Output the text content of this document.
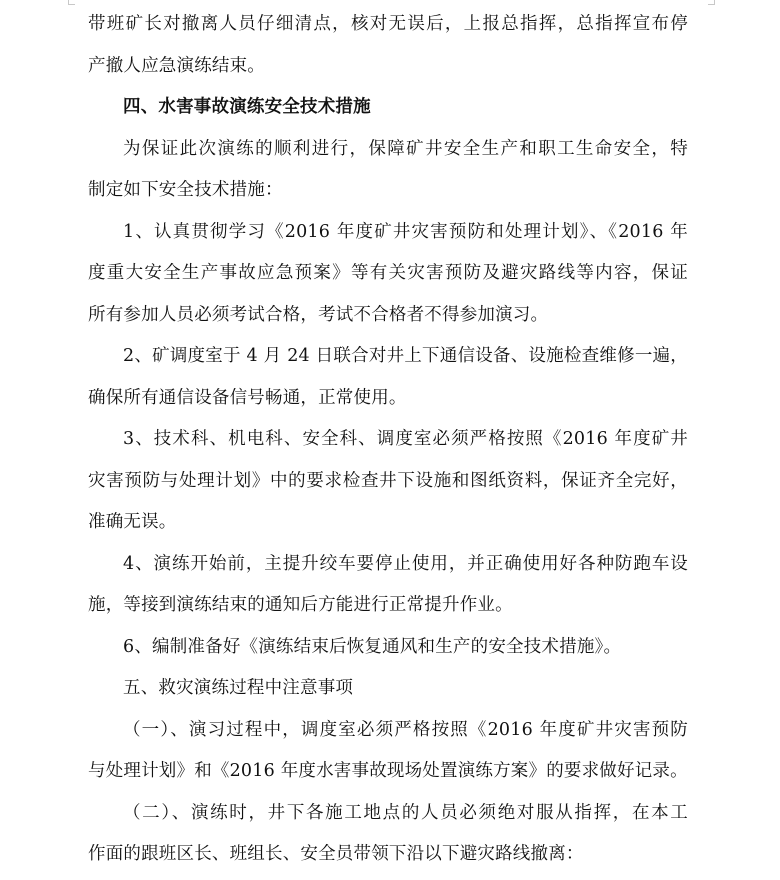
带班矿长对撤离人员仔细清点，核对无误后，上报总指挥，总指挥宣布停
产撤人应急演练结束。
四、水害事故演练安全技术措施
为保证此次演练的顺利进行，保障矿井安全生产和职工生命安全，特
制定如下安全技术措施：
1、认真贯彻学习《2016 年度矿井灾害预防和处理计划》、《2016 年
度重大安全生产事故应急预案》等有关灾害预防及避灾路线等内容，保证
所有参加人员必须考试合格，考试不合格者不得参加演习。
2、矿调度室于 4 月 24 日联合对井上下通信设备、设施检查维修一遍，
确保所有通信设备信号畅通，正常使用。
3、技术科、机电科、安全科、调度室必须严格按照《2016 年度矿井
灾害预防与处理计划》中的要求检查井下设施和图纸资料，保证齐全完好，
准确无误。
4、演练开始前，主提升绞车要停止使用，并正确使用好各种防跑车设
施，等接到演练结束的通知后方能进行正常提升作业。
6、编制准备好《演练结束后恢复通风和生产的安全技术措施》。
五、救灾演练过程中注意事项
（一）、演习过程中，调度室必须严格按照《2016 年度矿井灾害预防
与处理计划》和《2016 年度水害事故现场处置演练方案》的要求做好记录。
（二）、演练时，井下各施工地点的人员必须绝对服从指挥，在本工
作面的跟班区长、班组长、安全员带领下沿以下避灾路线撤离：
